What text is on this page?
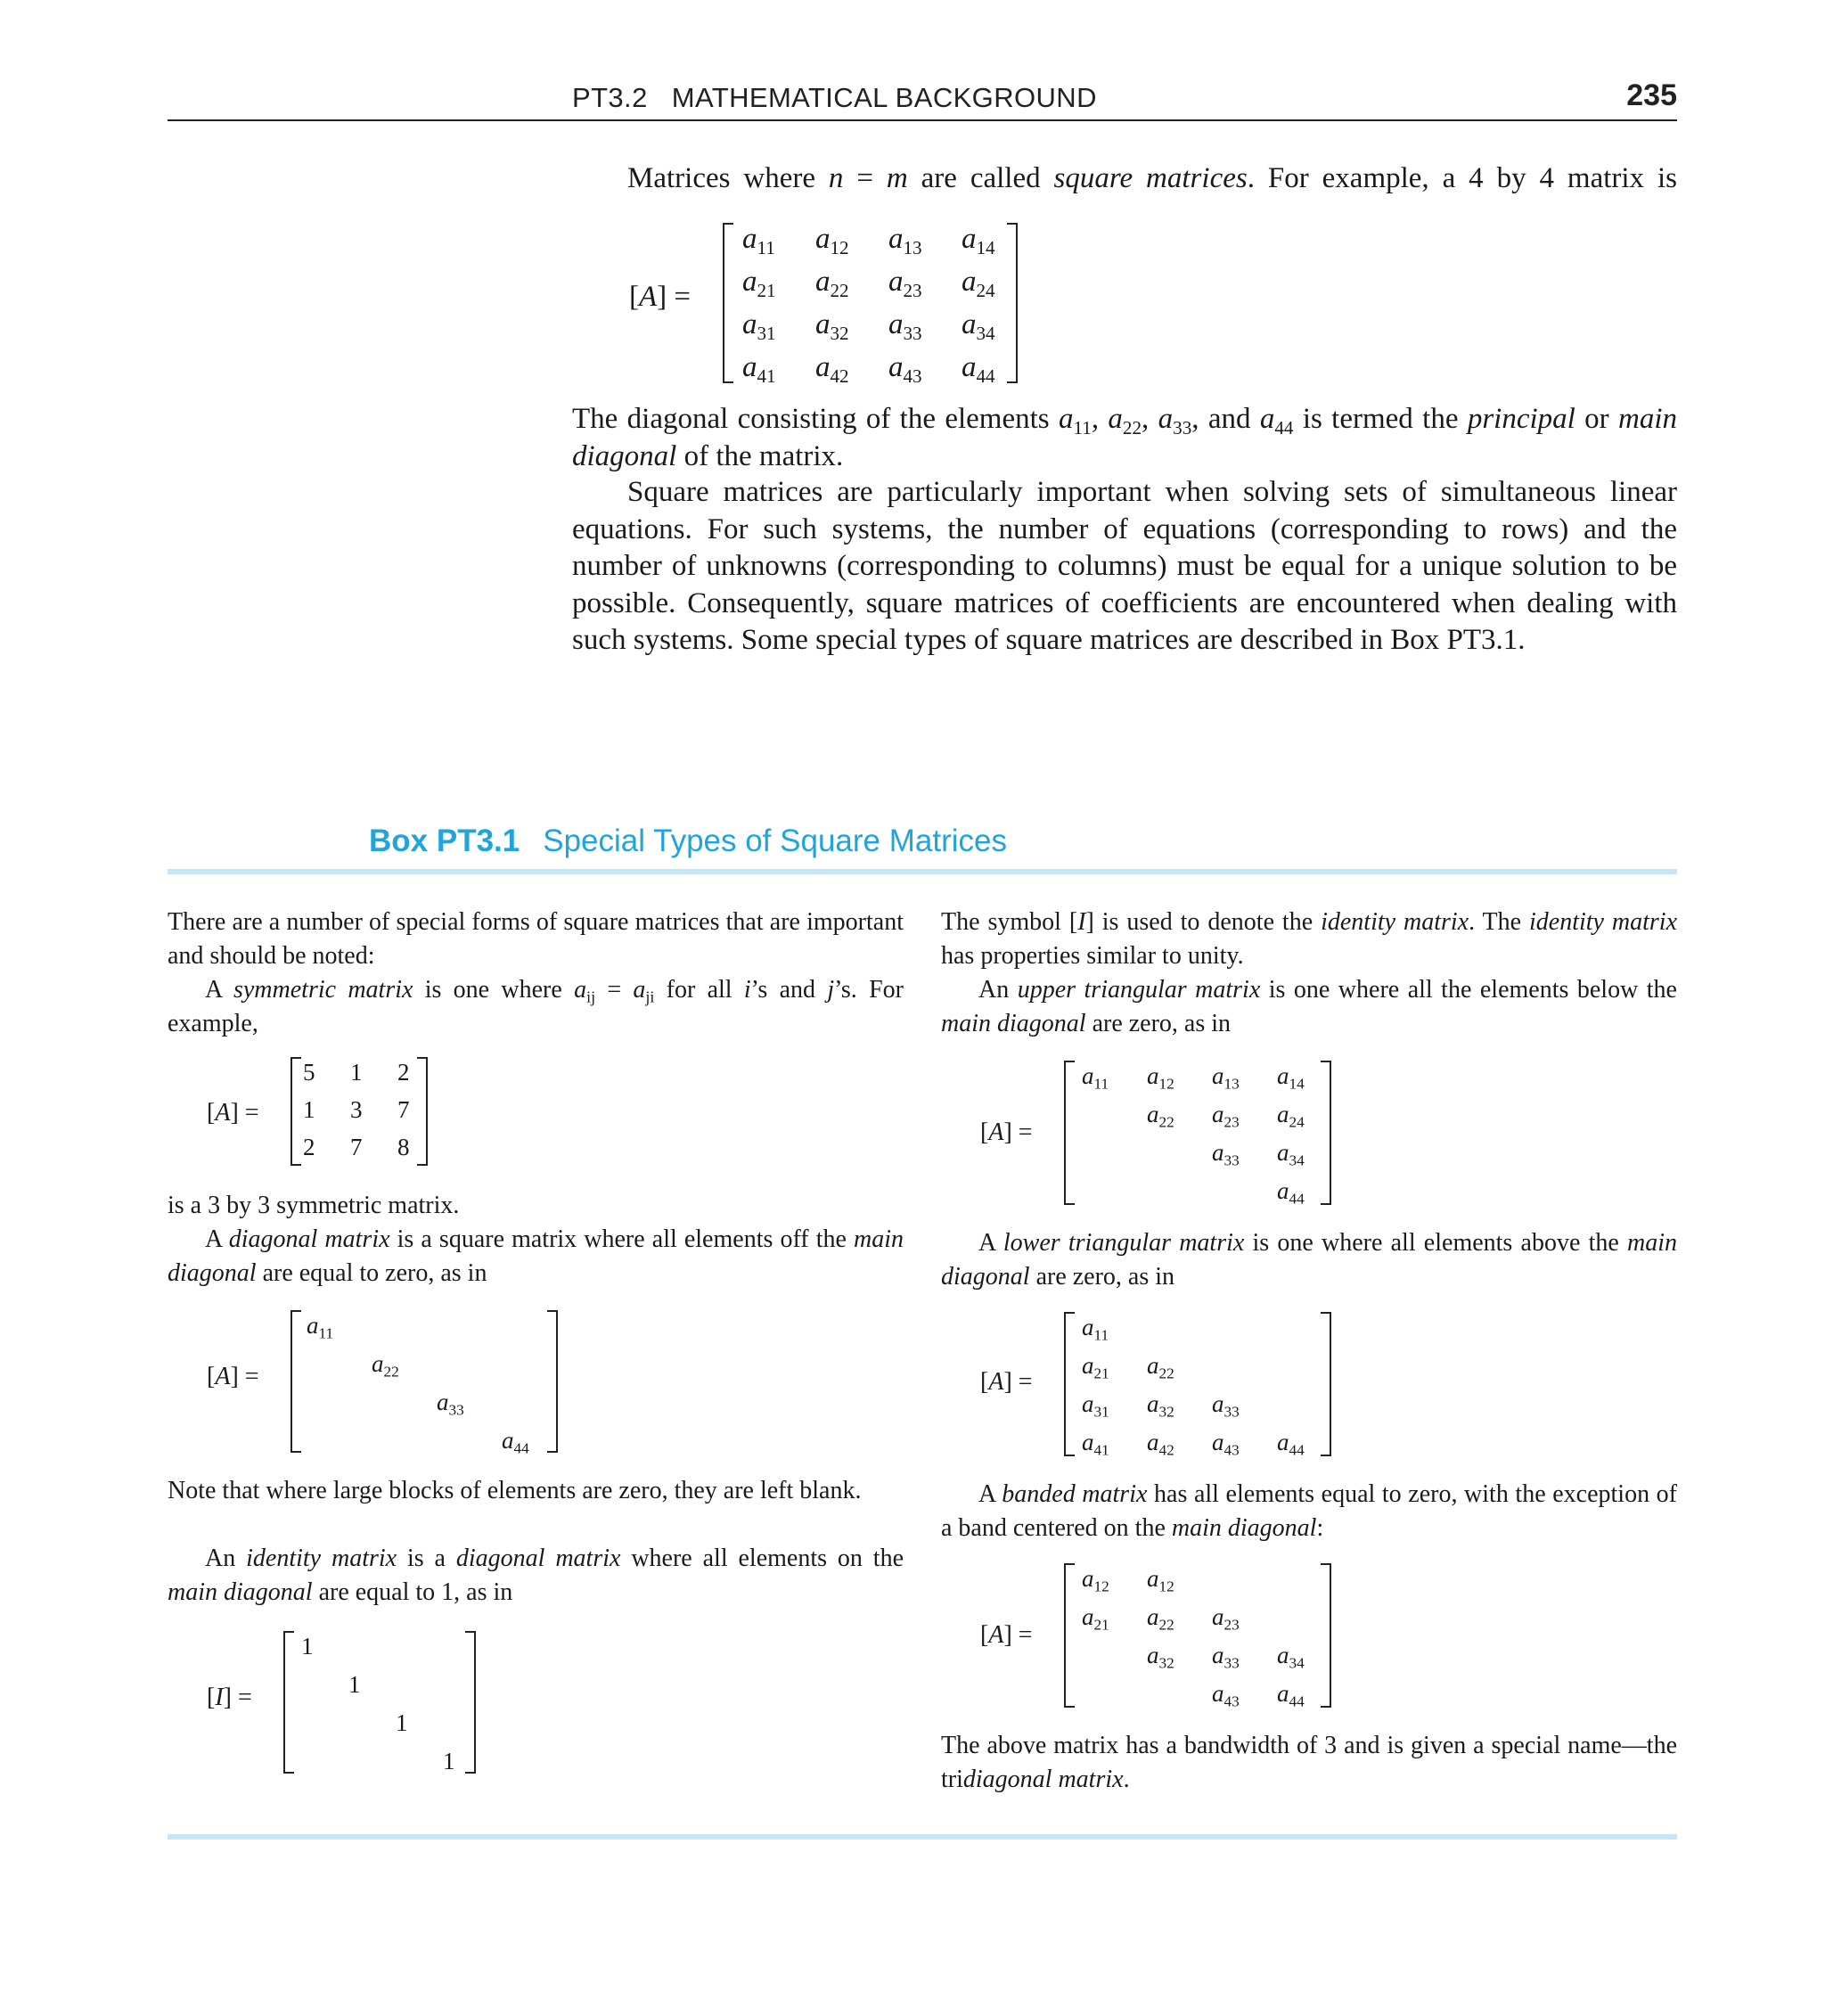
PT3.2   MATHEMATICAL BACKGROUND	235

Matrices where n = m are called square matrices. For example, a 4 by 4 matrix is

[A] =
$a_{11}$ $a_{12}$ $a_{13}$ $a_{14}$
$a_{21}$ $a_{22}$ $a_{23}$ $a_{24}$
$a_{31}$ $a_{32}$ $a_{33}$ $a_{34}$
$a_{41}$ $a_{42}$ $a_{43}$ $a_{44}$

The diagonal consisting of the elements $a_{11}$, $a_{22}$, $a_{33}$, and $a_{44}$ is termed the principal or main diagonal of the matrix.

Square matrices are particularly important when solving sets of simultaneous linear equations. For such systems, the number of equations (corresponding to rows) and the number of unknowns (corresponding to columns) must be equal for a unique solution to be possible. Consequently, square matrices of coefficients are encountered when dealing with such systems. Some special types of square matrices are described in Box PT3.1.

Box PT3.1 Special Types of Square Matrices

There are a number of special forms of square matrices that are important and should be noted:

A symmetric matrix is one where $a_{ij} = a_{ji}$ for all i’s and j’s. For example,

[A] =
5 1 2
1 3 7
2 7 8

is a 3 by 3 symmetric matrix.

A diagonal matrix is a square matrix where all elements off the main diagonal are equal to zero, as in

[A] =
$a_{11}$
$a_{22}$
$a_{33}$
$a_{44}$

Note that where large blocks of elements are zero, they are left blank.

An identity matrix is a diagonal matrix where all elements on the main diagonal are equal to 1, as in

[I] =
1
1
1
1

The symbol [I] is used to denote the identity matrix. The identity matrix has properties similar to unity.

An upper triangular matrix is one where all the elements below the main diagonal are zero, as in

[A] =
$a_{11}$ $a_{12}$ $a_{13}$ $a_{14}$
$a_{22}$ $a_{23}$ $a_{24}$
$a_{33}$ $a_{34}$
$a_{44}$

A lower triangular matrix is one where all elements above the main diagonal are zero, as in

[A] =
$a_{11}$
$a_{21}$ $a_{22}$
$a_{31}$ $a_{32}$ $a_{33}$
$a_{41}$ $a_{42}$ $a_{43}$ $a_{44}$

A banded matrix has all elements equal to zero, with the exception of a band centered on the main diagonal:

[A] =
$a_{12}$ $a_{12}$
$a_{21}$ $a_{22}$ $a_{23}$
$a_{32}$ $a_{33}$ $a_{34}$
$a_{43}$ $a_{44}$

The above matrix has a bandwidth of 3 and is given a special name—the tridiagonal matrix.
